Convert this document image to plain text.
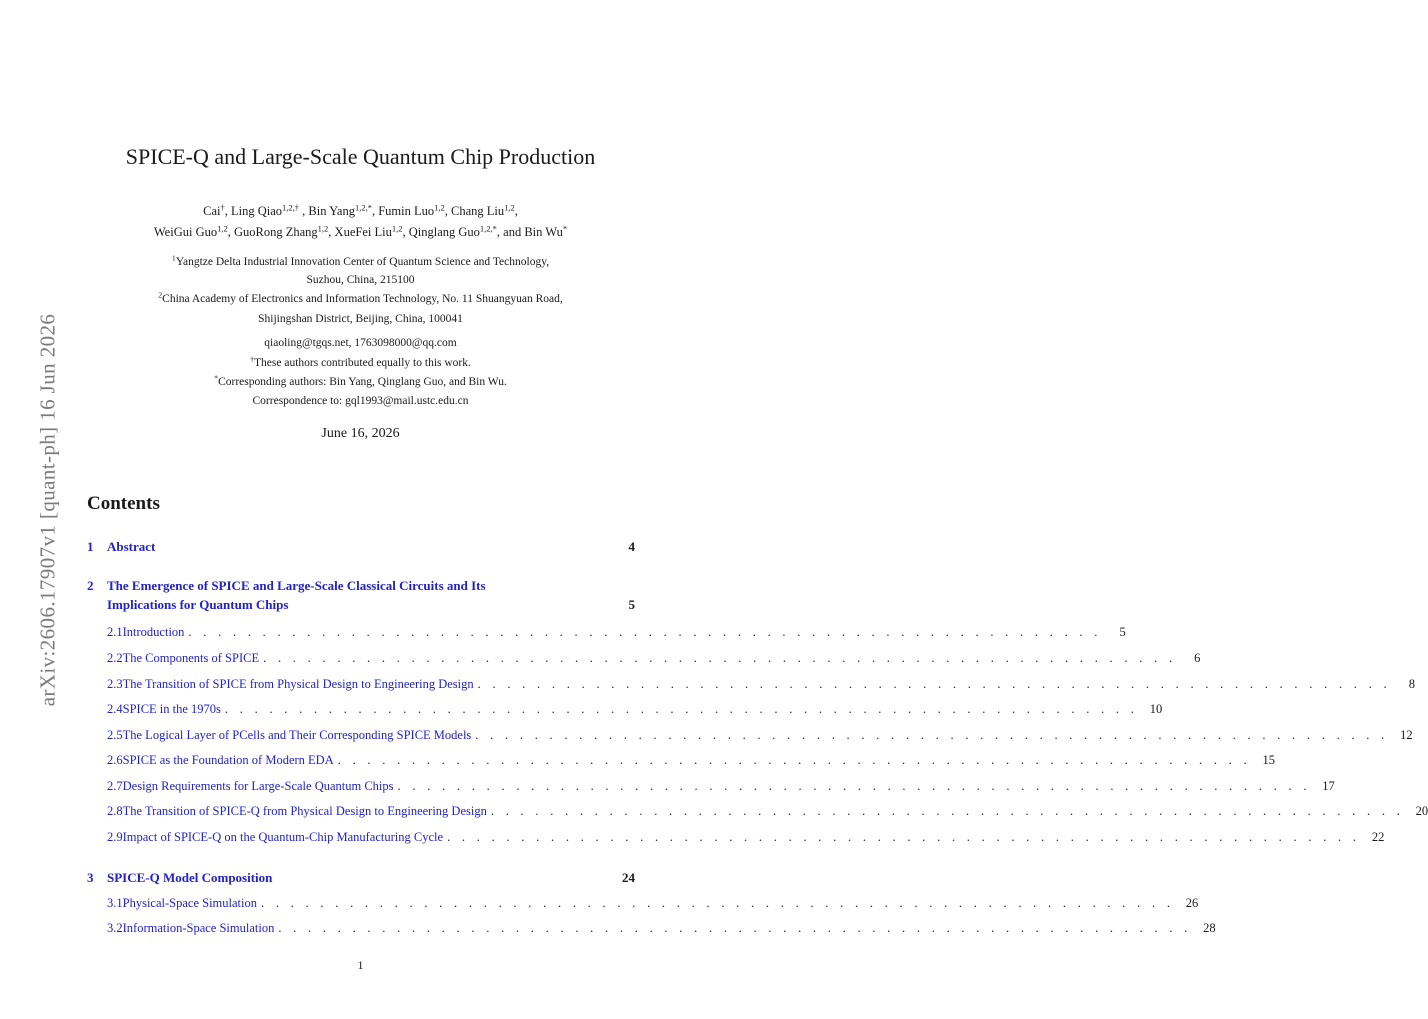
arXiv:2606.17907v1 [quant-ph] 16 Jun 2026
SPICE-Q and Large-Scale Quantum Chip Production
Cai†, Ling Qiao$^{1,2,\dagger}$ , Bin Yang$^{1,2,*}$, Fumin Luo$^{1,2}$, Chang Liu$^{1,2}$,
WeiGui Guo$^{1,2}$, GuoRong Zhang$^{1,2}$, XueFei Liu$^{1,2}$, Qinglang Guo$^{1,2,*}$, and Bin Wu*
$^1$Yangtze Delta Industrial Innovation Center of Quantum Science and Technology,
Suzhou, China, 215100
$^2$China Academy of Electronics and Information Technology, No. 11 Shuangyuan Road,
Shijingshan District, Beijing, China, 100041
qiaoling@tgqs.net, 1763098000@qq.com
†These authors contributed equally to this work.
*Corresponding authors: Bin Yang, Qinglang Guo, and Bin Wu.
Correspondence to: gql1993@mail.ustc.edu.cn
June 16, 2026
Contents
1	Abstract	4
2	The Emergence of SPICE and Large-Scale Classical Circuits and Its
Implications for Quantum Chips	5
2.1 Introduction . . . . . . . . . . . . . . . . . . . . . . . . . . . . . . . . . . . . . . . . . . . . . . . . . . . . . . . . . . . . . .	5
2.2 The Components of SPICE . . . . . . . . . . . . . . . . . . . . . . . . . . . . . . . . . . . . . . . . . . . . . . . . . . . . . . . . . . . . . .	6
2.3 The Transition of SPICE from Physical Design to Engineering Design . . . . . . . . . . . . . . . . . . . . . . . . . . . . . . . . . . . . . . . . . . . . . . . . . . . . . . . . . . . . . .	8
2.4 SPICE in the 1970s . . . . . . . . . . . . . . . . . . . . . . . . . . . . . . . . . . . . . . . . . . . . . . . . . . . . . . . . . . . . . . 10
2.5 The Logical Layer of PCells and Their Corresponding SPICE Models . . . . . . . . . . . . . . . . . . . . . . . . . . . . . . . . . . . . . . . . . . . . . . . . . . . . . . . . . . . . . . 12
2.6 SPICE as the Foundation of Modern EDA . . . . . . . . . . . . . . . . . . . . . . . . . . . . . . . . . . . . . . . . . . . . . . . . . . . . . . . . . . . . . . 15
2.7 Design Requirements for Large-Scale Quantum Chips . . . . . . . . . . . . . . . . . . . . . . . . . . . . . . . . . . . . . . . . . . . . . . . . . . . . . . . . . . . . . . 17
2.8 The Transition of SPICE-Q from Physical Design to Engineering Design . . . . . . . . . . . . . . . . . . . . . . . . . . . . . . . . . . . . . . . . . . . . . . . . . . . . . . . . . . . . . . 20
2.9 Impact of SPICE-Q on the Quantum-Chip Manufacturing Cycle . . . . . . . . . . . . . . . . . . . . . . . . . . . . . . . . . . . . . . . . . . . . . . . . . . . . . . . . . . . . . . 22
3	SPICE-Q Model Composition	24
3.1 Physical-Space Simulation . . . . . . . . . . . . . . . . . . . . . . . . . . . . . . . . . . . . . . . . . . . . . . . . . . . . . . . . . . . . . . 26
3.2 Information-Space Simulation . . . . . . . . . . . . . . . . . . . . . . . . . . . . . . . . . . . . . . . . . . . . . . . . . . . . . . . . . . . . . . 28
1
